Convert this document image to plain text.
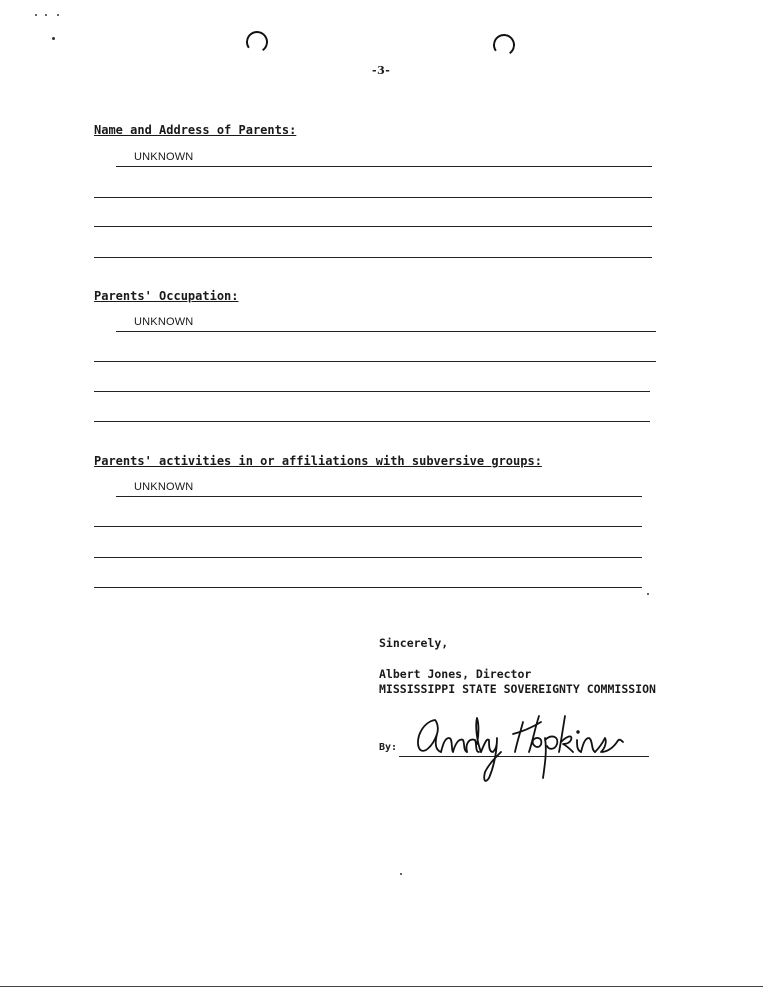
-3-
Name and Address of Parents:
UNKNOWN
Parents' Occupation:
UNKNOWN
Parents' activities in or affiliations with subversive groups:
UNKNOWN
Sincerely,
Albert Jones, Director
MISSISSIPPI STATE SOVEREIGNTY COMMISSION
By:
